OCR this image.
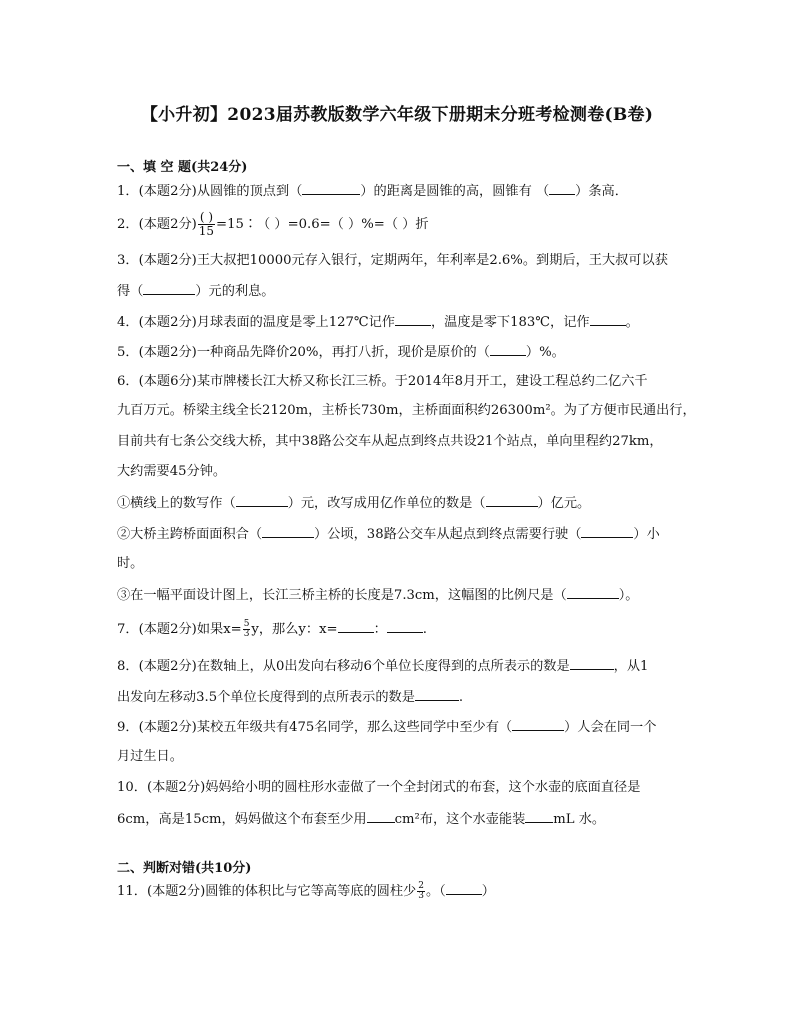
【小升初】2023届苏教版数学六年级下册期末分班考检测卷(B卷)
一、填 空 题(共24分)
1．(本题2分)从圆锥的顶点到（	）的距离是圆锥的高，圆锥有 （ ）条高．
2．(本题2分) $\frac{( )}{15}$ =15∶（ ）=0.6=（ ）%=（ ）折
3．(本题2分)王大叔把10000元存入银行，定期两年，年利率是2.6%。到期后，王大叔可以获
得（	）元的利息。
4．(本题2分)月球表面的温度是零上127℃记作	，温度是零下183℃，记作	。
5．(本题2分)一种商品先降价20%，再打八折，现价是原价的（	）%。
6．(本题6分)某市牌楼长江大桥又称长江三桥。于2014年8月开工，建设工程总约二亿六千
九百万元。桥梁主线全长2120m，主桥长730m，主桥面面积约26300m²。为了方便市民通出行，
目前共有七条公交线大桥，其中38路公交车从起点到终点共设21个站点，单向里程约27km，
大约需要45分钟。
①横线上的数写作（	）元，改写成用亿作单位的数是（	）亿元。
②大桥主跨桥面面积合（	）公顷，38路公交车从起点到终点需要行驶（	）小
时。
③在一幅平面设计图上，长江三桥主桥的长度是7.3cm，这幅图的比例尺是（	）。
7．(本题2分)如果$x= \frac{5}{3}$ y，那么y：x=	：	.
8．(本题2分)在数轴上，从0出发向右移动6个单位长度得到的点所表示的数是	，从1
出发向左移动3.5个单位长度得到的点所表示的数是	.
9．(本题2分)某校五年级共有475名同学，那么这些同学中至少有（	）人会在同一个
月过生日。
10．(本题2分)妈妈给小明的圆柱形水壶做了一个全封闭式的布套，这个水壶的底面直径是
6cm，高是15cm，妈妈做这个布套至少用 cm²布，这个水壶能装 mL 水。
二、判断对错(共10分)
11．(本题2分)圆锥的体积比与它等高等底的圆柱少 $\frac{2}{3}$ 。（	）
